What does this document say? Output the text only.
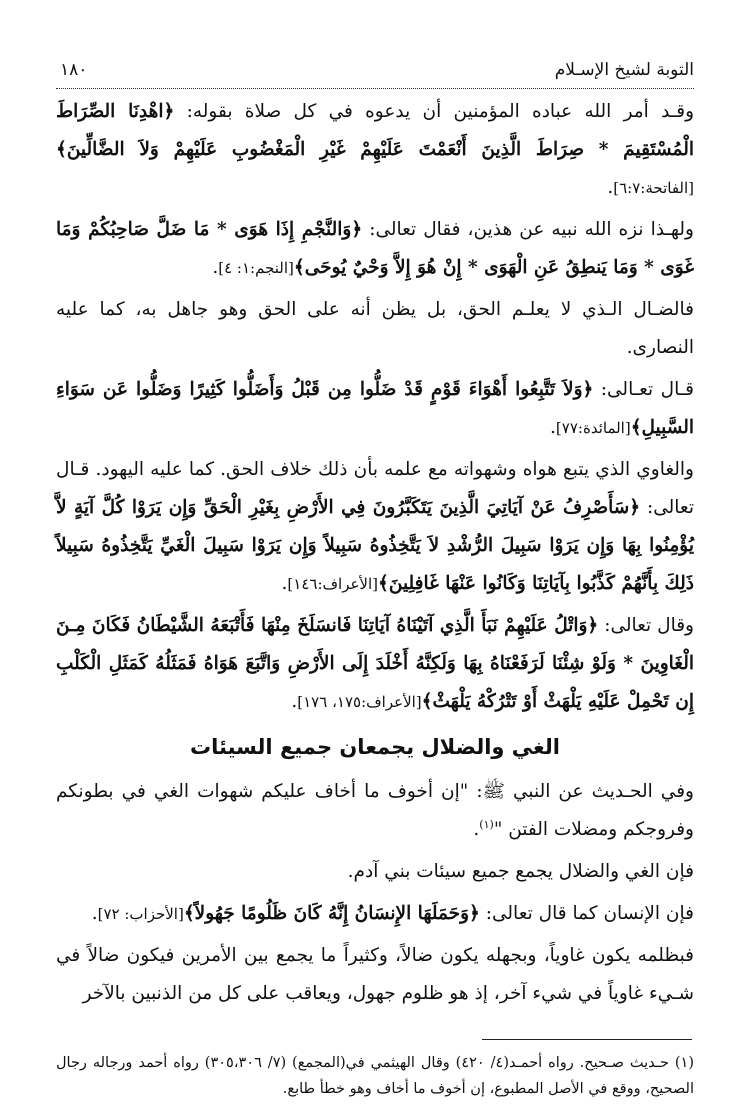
التوبة لشيخ الإسـلام
١٨٠

وقـد أمر الله عباده المؤمنين أن يدعوه في كل صلاة بقوله: ﴿اهْدِنَا الصِّرَاطَ الْمُسْتَقِيمَ * صِرَاطَ الَّذِينَ أَنْعَمْتَ عَلَيْهِمْ غَيْرِ الْمَغْضُوبِ عَلَيْهِمْ وَلاَ الضَّالِّينَ﴾[الفاتحة:٦:٧].

ولهـذا نزه الله نبيه عن هذين، فقال تعالى: ﴿وَالنَّجْمِ إِذَا هَوَى * مَا ضَلَّ صَاحِبُكُمْ وَمَا غَوَى * وَمَا يَنطِقُ عَنِ الْهَوَى * إِنْ هُوَ إِلاَّ وَحْيٌ يُوحَى﴾[النجم:١: ٤].

فالضـال الـذي لا يعلـم الحق، بل يظن أنه على الحق وهو جاهل به، كما عليه النصارى.

قـال تعـالى: ﴿وَلاَ تَتَّبِعُوا أَهْوَاءَ قَوْمٍ قَدْ ضَلُّوا مِن قَبْلُ وَأَضَلُّوا كَثِيرًا وَضَلُّوا عَن سَوَاءِ السَّبِيلِ﴾[المائدة:٧٧].

والغاوي الذي يتبع هواه وشهواته مع علمه بأن ذلك خلاف الحق. كما عليه اليهود. قـال تعالى: ﴿سَأَصْرِفُ عَنْ آيَاتِيَ الَّذِينَ يَتَكَبَّرُونَ فِي الأَرْضِ بِغَيْرِ الْحَقِّ وَإِن يَرَوْا كُلَّ آيَةٍ لاَّ يُؤْمِنُوا بِهَا وَإِن يَرَوْا سَبِيلَ الرُّشْدِ لاَ يَتَّخِذُوهُ سَبِيلاً وَإِن يَرَوْا سَبِيلَ الْغَيِّ يَتَّخِذُوهُ سَبِيلاً ذَلِكَ بِأَنَّهُمْ كَذَّبُوا بِآيَاتِنَا وَكَانُوا عَنْهَا غَافِلِينَ﴾[الأعراف:١٤٦].

وقال تعالى: ﴿وَاتْلُ عَلَيْهِمْ نَبَأَ الَّذِي آتَيْنَاهُ آيَاتِنَا فَانسَلَخَ مِنْهَا فَأَتْبَعَهُ الشَّيْطَانُ فَكَانَ مِـنَ الْغَاوِينَ * وَلَوْ شِئْنَا لَرَفَعْنَاهُ بِهَا وَلَكِنَّهُ أَخْلَدَ إِلَى الأَرْضِ وَاتَّبَعَ هَوَاهُ فَمَثَلُهُ كَمَثَلِ الْكَلْبِ إِن تَحْمِلْ عَلَيْهِ يَلْهَثْ أَوْ تَتْرُكْهُ يَلْهَثْ﴾[الأعراف:١٧٥، ١٧٦].

الغي والضلال يجمعان جميع السيئات

وفي الحـديث عن النبي ﷺ: "إن أخوف ما أخاف عليكم شهوات الغي في بطونكم وفروجكم ومضلات الفتن "$^{(١)}$.

فإن الغي والضلال يجمع جميع سيئات بني آدم.

فإن الإنسان كما قال تعالى: ﴿وَحَمَلَهَا الإِنسَانُ إِنَّهُ كَانَ ظَلُومًا جَهُولاً﴾[الأحزاب: ٧٢].

فبظلمه يكون غاوياً، وبجهله يكون ضالاً، وكثيراً ما يجمع بين الأمرين فيكون ضالاً في شـيء غاوياً في شيء آخر، إذ هو ظلوم جهول، ويعاقب على كل من الذنبين بالآخر

(١) حـديث صـحيح. رواه أحمـد(٤/ ٤٢٠) وقال الهيثمي في(المجمع) (٧/ ٣٠٥،٣٠٦) رواه أحمد ورجاله رجال الصحيح، ووقع في الأصل المطبوع، إن أخوف ما أخاف وهو خطأ طابع.
